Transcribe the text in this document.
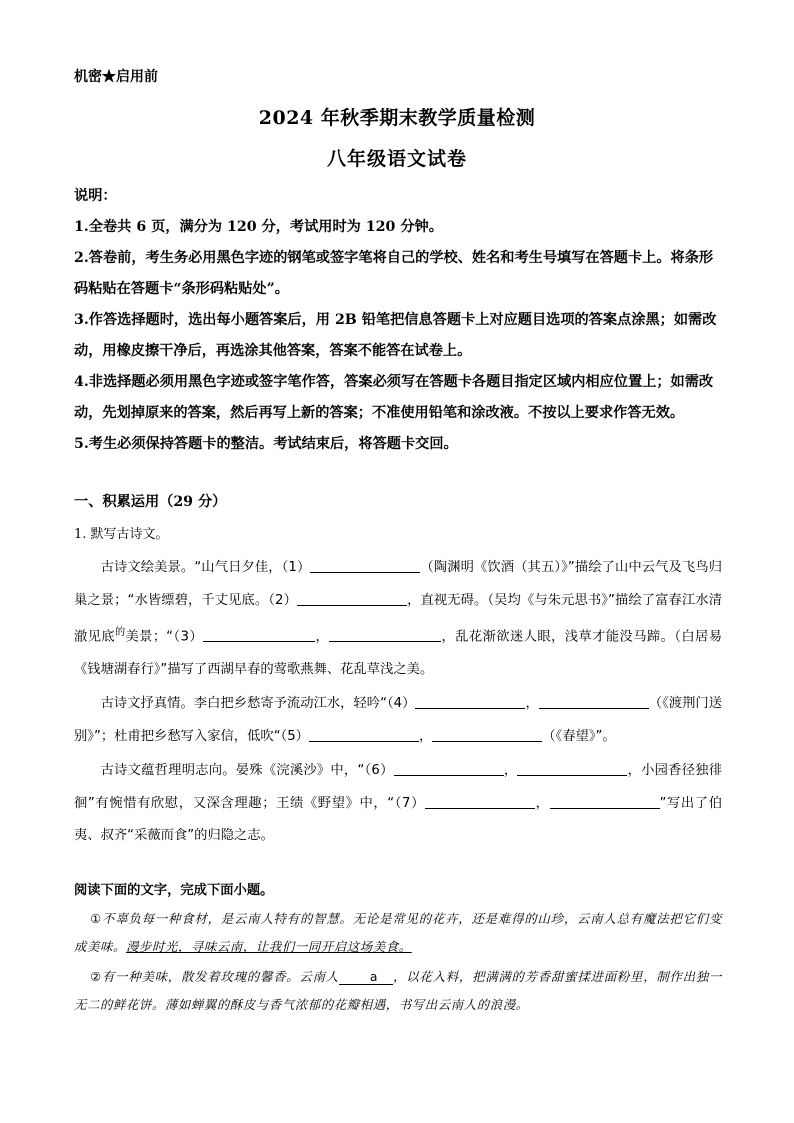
机密★启用前
2024 年秋季期末教学质量检测
八年级语文试卷

说明：

1.全卷共 6 页，满分为 120 分，考试用时为 120 分钟。

2.答卷前，考生务必用黑色字迹的钢笔或签字笔将自己的学校、姓名和考生号填写在答题卡上。将条形码粘贴在答题卡“条形码粘贴处”。

3.作答选择题时，选出每小题答案后，用 2B 铅笔把信息答题卡上对应题目选项的答案点涂黑；如需改动，用橡皮擦干净后，再选涂其他答案，答案不能答在试卷上。

4.非选择题必须用黑色字迹或签字笔作答，答案必须写在答题卡各题目指定区域内相应位置上；如需改动，先划掉原来的答案，然后再写上新的答案；不准使用铅笔和涂改液。不按以上要求作答无效。

5.考生必须保持答题卡的整洁。考试结束后，将答题卡交回。

一、积累运用（29 分）
1. 默写古诗文。

古诗文绘美景。“山气日夕佳，（1）	（陶渊明《饮酒（其五）》”描绘了山中云气及飞鸟归巢之景；“水皆缥碧，千丈见底。（2）	，直视无碍。（吴均《与朱元思书》”描绘了富春江水清澈见底$^的$美景；“（3）	，	，乱花渐欲迷人眼，浅草才能没马蹄。（白居易《钱塘湖春行》”描写了西湖早春的莺歌燕舞、花乱草浅之美。

古诗文抒真情。李白把乡愁寄予流动江水，轻吟“（4）	，	（《渡荆门送别》”；杜甫把乡愁写入家信，低吹“（5）	，	（《春望》”。

古诗文蕴哲理明志向。晏殊《浣溪沙》中，“（6）	，	，小园香径独徘徊”有惋惜有欣慰，又深含理趣；王绩《野望》中，“（7）	，	”写出了伯夷、叔齐“采薇而食”的归隐之志。

阅读下面的文字，完成下面小题。

①不辜负每一种食材，是云南人特有的智慧。无论是常见的花卉，还是难得的山珍，云南人总有魔法把它们变成美味。漫步时光，寻味云南，让我们一同开启这场美食。

②有一种美味，散发着玫瑰的馨香。云南人 a ，以花入料，把满满的芳香甜蜜揉进面粉里，制作出独一无二的鲜花饼。薄如蝉翼的酥皮与香气浓郁的花瓣相遇，书写出云南人的浪漫。
